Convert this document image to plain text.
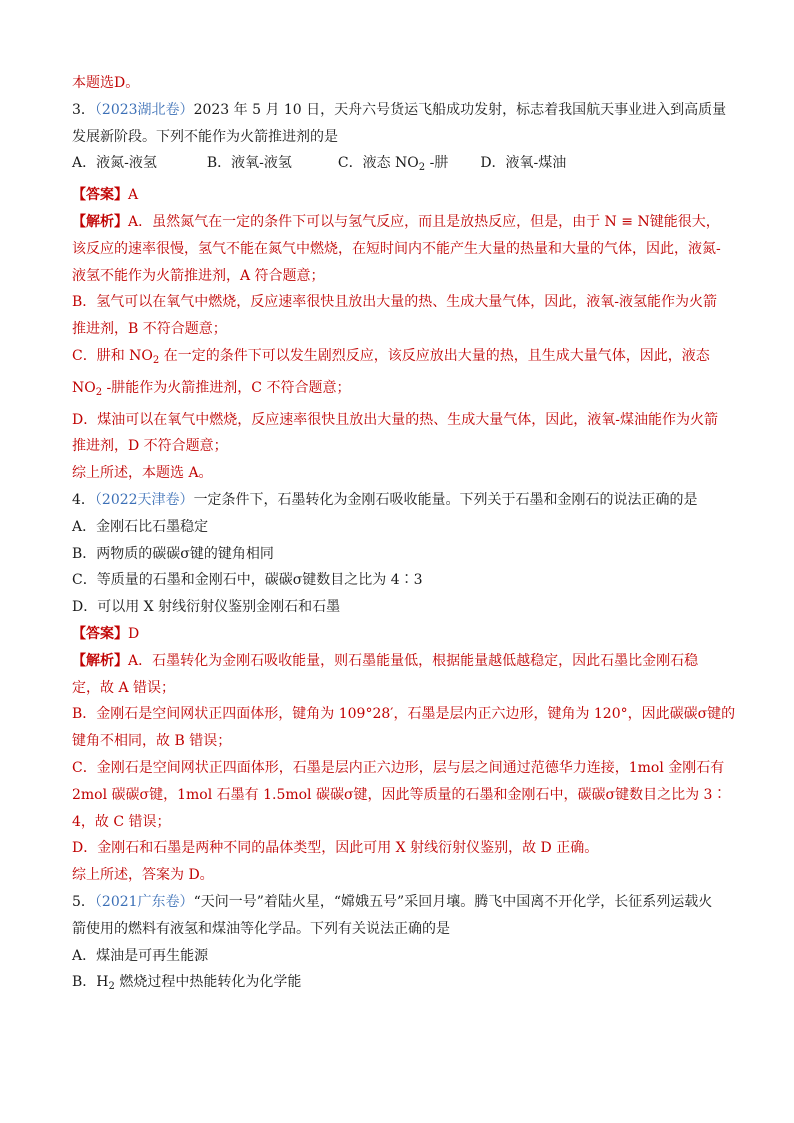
本题选D。
3．（2023湖北卷）2023 年 5 月 10 日，天舟六号货运飞船成功发射，标志着我国航天事业进入到高质量
发展新阶段。下列不能作为火箭推进剂的是
A．液氮-液氢	B．液氧-液氢	C．液态 $NO_2$ -肼 D．液氧-煤油
【答案】A
【解析】A．虽然氮气在一定的条件下可以与氢气反应，而且是放热反应，但是，由于 N ≡ N键能很大，
该反应的速率很慢，氢气不能在氮气中燃烧，在短时间内不能产生大量的热量和大量的气体，因此，液氮-
液氢不能作为火箭推进剂，A 符合题意；
B．氢气可以在氧气中燃烧，反应速率很快且放出大量的热、生成大量气体，因此，液氧-液氢能作为火箭
推进剂，B 不符合题意；
C．肼和 $NO_2$ 在一定的条件下可以发生剧烈反应，该反应放出大量的热，且生成大量气体，因此，液态
$NO_2$ -肼能作为火箭推进剂，C 不符合题意；
D．煤油可以在氧气中燃烧，反应速率很快且放出大量的热、生成大量气体，因此，液氧-煤油能作为火箭
推进剂，D 不符合题意；
综上所述，本题选 A。
4．（2022天津卷）一定条件下，石墨转化为金刚石吸收能量。下列关于石墨和金刚石的说法正确的是
A．金刚石比石墨稳定
B．两物质的碳碳σ键的键角相同
C．等质量的石墨和金刚石中，碳碳σ键数目之比为 4∶3
D．可以用 X 射线衍射仪鉴别金刚石和石墨
【答案】D
【解析】A．石墨转化为金刚石吸收能量，则石墨能量低，根据能量越低越稳定，因此石墨比金刚石稳
定，故 A 错误；
B．金刚石是空间网状正四面体形，键角为 109°28′，石墨是层内正六边形，键角为 120°，因此碳碳σ键的
键角不相同，故 B 错误；
C．金刚石是空间网状正四面体形，石墨是层内正六边形，层与层之间通过范德华力连接，1mol 金刚石有
2mol 碳碳σ键，1mol 石墨有 1.5mol 碳碳σ键，因此等质量的石墨和金刚石中，碳碳σ键数目之比为 3∶
4，故 C 错误；
D．金刚石和石墨是两种不同的晶体类型，因此可用 X 射线衍射仪鉴别，故 D 正确。
综上所述，答案为 D。
5．（2021广东卷）“天问一号”着陆火星，“嫦娥五号”采回月壤。腾飞中国离不开化学，长征系列运载火
箭使用的燃料有液氢和煤油等化学品。下列有关说法正确的是
A．煤油是可再生能源
B．$H_2$ 燃烧过程中热能转化为化学能
